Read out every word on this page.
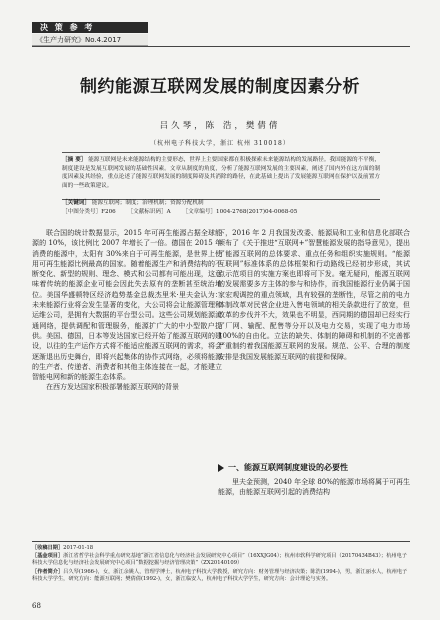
决 策 参 考
《生产力研究》No.4.2017
制约能源互联网发展的制度因素分析
吕久琴，陈 浩，樊倩倩
（杭州电子科技大学，浙江 杭州 310018）
［摘 要］ 能源互联网是未来能源结构的主要形态，世界上主要国家都在积极探索未来能源结构的发展路径。我国能源的不平衡，制度建设是发展互联网发展的基础性因素。文章从制度的角度，分析了能源互联网发展的主要因素，阐述了国内外在这方面的制度因素及其经验，重点论述了能源互联网发展的制度障碍及其消除的路径，在此基础上提出了发展能源互联网在保护以及前置方面的一些政策建议。
［关键词］ 能源互联网；制度；治理机制；资源分配机制
［中图分类号］F206 ［文献标识码］A ［文章编号］1004-2768(2017)04-0068-05

联合国的统计数据显示，2015 年可再生能源占据全球能源的 10%，该比例比 2007 年增长了一倍。德国在 2015 年消费的能源中，太阳有 30%来自于可再生能源，是世界上使用可再生能源比例最高的国家。随着能源生产和消费结构的不断变化、新型的规则、理念、模式和公司都有可能出现，这意味着传统的能源企业可能会因此失去原有的垄断甚至统治地位。美国华盛顿特区经济趋势基金总裁杰里米·里夫金认为：未来能源行业将会发生显著的变化，大公司将会让能源管理和运维公司，是拥有大数据的平台型公司。这些公司规划能源流通网络，提供调配和管理服务，能源扩广大的中小型散户提供。美国、德国，日本等发达国家已经开始了能源互联网的建设，以往的生产运作方式将不能适应能源互联网的需求，将会逐渐退出历史舞台，即将兴起集体的协作式网络，必须将能源的生产者、传递者、消费者和其他主体连接在一起，才能建立智能电网和新的能源生态体系。

在西方发达国家积极部署能源互联网的背景

下，2016 年 2 月我国发改委、能源局和工业和信息化部联合颁布了《关于推进“互联网+”智慧能源发展的指导意见》，提出了能源互联网的总体要求、重点任务和组织实施规则。“能源互联网”标准体系的总体框架和行动路线已经初步形成，其试点示范项目的实施方案也即将可下发。毫无疑问，能源互联网的发展需要多方主体的参与和协作，而我国能源行业仍属于国家宏观调控的重点领域，具有较强的垄断性，尽管之前的电力体制改革对民营企业进入售电领域的相关条款进行了放宽，但改革的步伐并不大，效果也不明显，西同期的德国却已经实行了厂网、输配、配售等分开以及电力交易，实现了电力市场 100%的自由化。立法的缺失、体制的障碍和机制的不完善都严重制约着我国能源互联网的发展。规范、公平、合理的制度安排是我国发展能源互联网的前提和保障。

一、能源互联网制度建设的必要性

里夫金预测，2040 年全球 80%的能源市场将属于可再生能源，由能源互联网引起的消费结构

［收稿日期］2017-01-18
［基金项目］浙江省哲学社会科学重点研究基地“浙江省信息化与经济社会发展研究中心项目”（16XXJG04）；杭州市软科学研究项目（20170434B43）；杭州电子科技大学信息化与经济社会发展研究中心项目“数据挖掘与经济管理决策”（ZX20140109）
［作者简介］吕久琴(1966-)，女，浙江余姚人，管理学博士，杭州电子科技大学教授，研究方向：财务管理与经济决策；陈浩(1994-)，男，浙江丽水人，杭州电子科技大学学生，研究方向：能源互联网；樊倩倩(1992-)，女，浙江临安人，杭州电子科技大学学生，研究方向：会计理论与实务。
68
